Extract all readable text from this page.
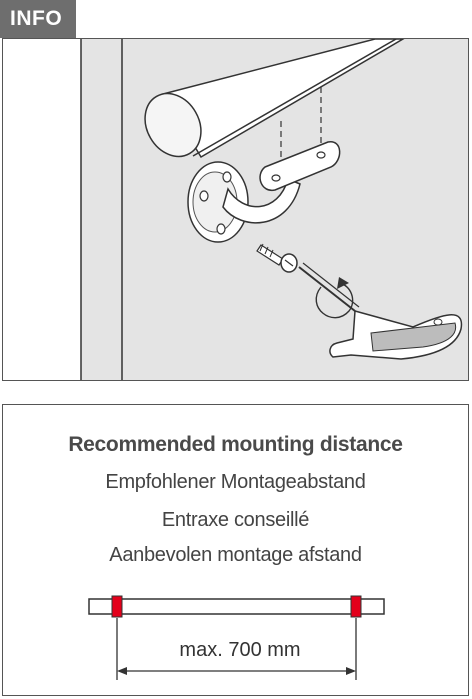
INFO
Recommended mounting distance
Empfohlener Montageabstand
Entraxe conseillé
Aanbevolen montage afstand
max. 700 mm
